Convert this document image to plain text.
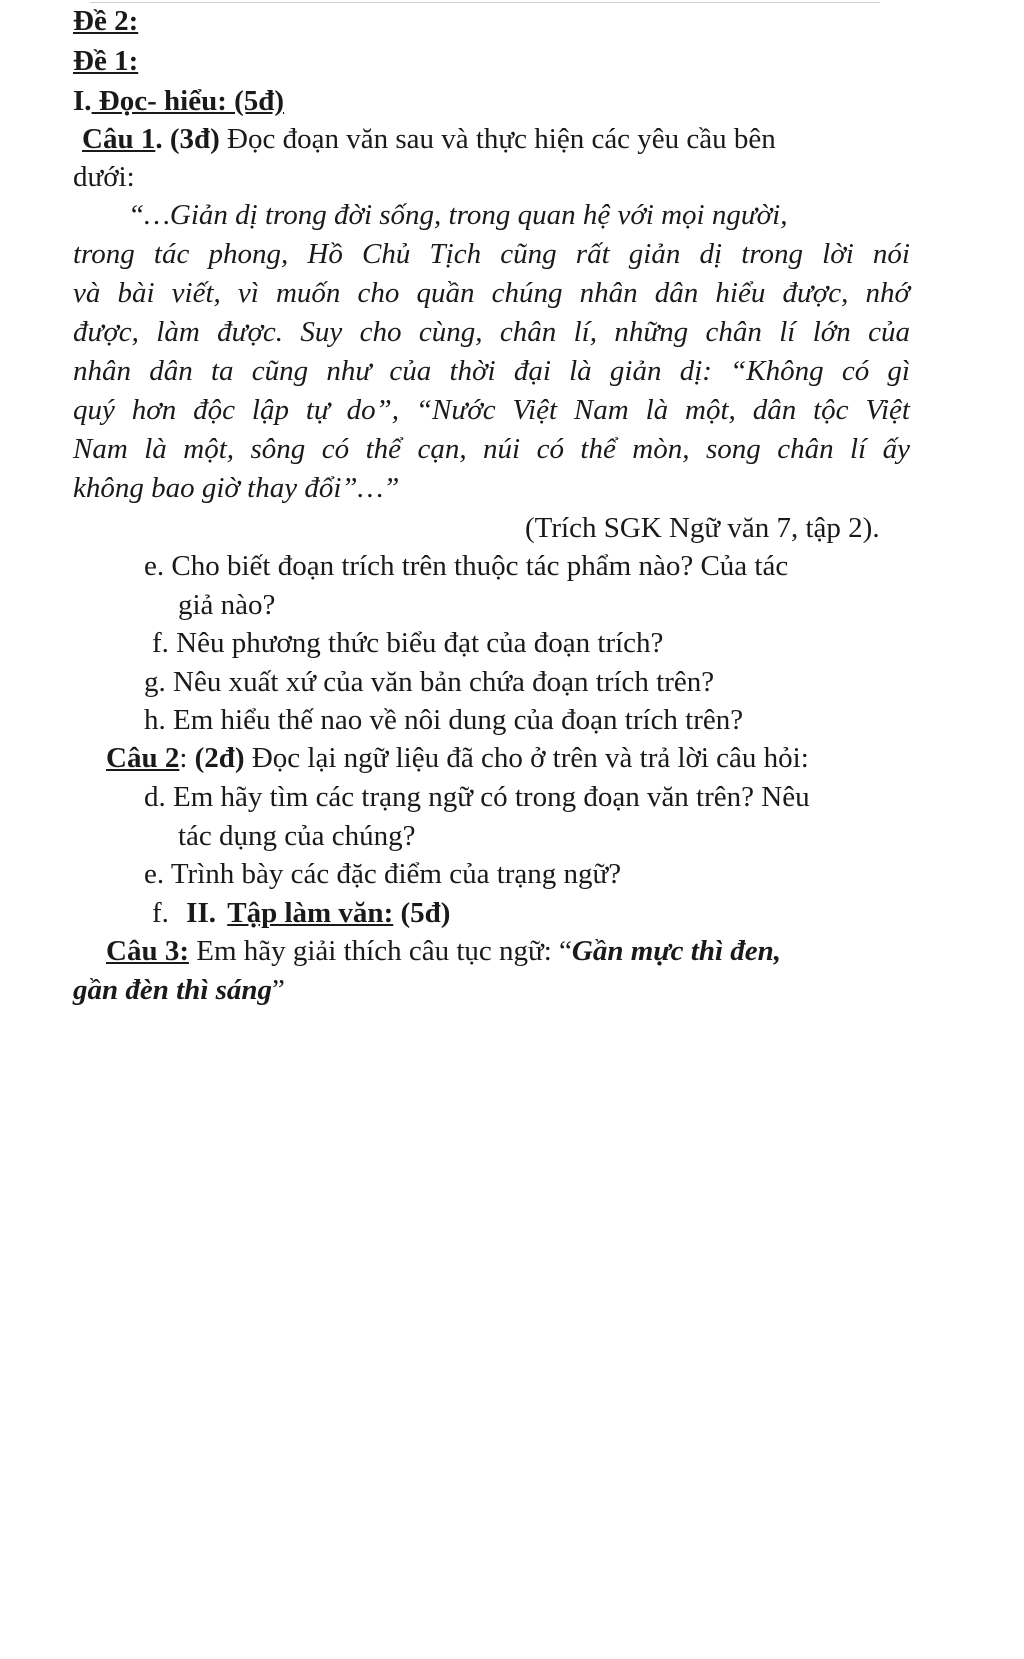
Đề 2:
Đề 1:
I. Đọc- hiểu: (5đ)
Câu 1. (3đ) Đọc đoạn văn sau và thực hiện các yêu cầu bên
dưới:
“…Giản dị trong đời sống, trong quan hệ với mọi người,
trong tác phong, Hồ Chủ Tịch cũng rất giản dị trong lời nói
và bài viết, vì muốn cho quần chúng nhân dân hiểu được, nhớ
được, làm được. Suy cho cùng, chân lí, những chân lí lớn của
nhân dân ta cũng như của thời đại là giản dị: “Không có gì
quý hơn độc lập tự do”, “Nước Việt Nam là một, dân tộc Việt
Nam là một, sông có thể cạn, núi có thể mòn, song chân lí ấy
không bao giờ thay đổi”…”
(Trích SGK Ngữ văn 7, tập 2).
e. Cho biết đoạn trích trên thuộc tác phẩm nào? Của tác
giả nào?
f. Nêu phương thức biểu đạt của đoạn trích?
g. Nêu xuất xứ của văn bản chứa đoạn trích trên?
h. Em hiểu thế nao về nôi dung của đoạn trích trên?
Câu 2: (2đ) Đọc lại ngữ liệu đã cho ở trên và trả lời câu hỏi:
d. Em hãy tìm các trạng ngữ có trong đoạn văn trên? Nêu
tác dụng của chúng?
e. Trình bày các đặc điểm của trạng ngữ?
f. II. Tập làm văn: (5đ)
Câu 3: Em hãy giải thích câu tục ngữ: “Gần mực thì đen,
gần đèn thì sáng”
